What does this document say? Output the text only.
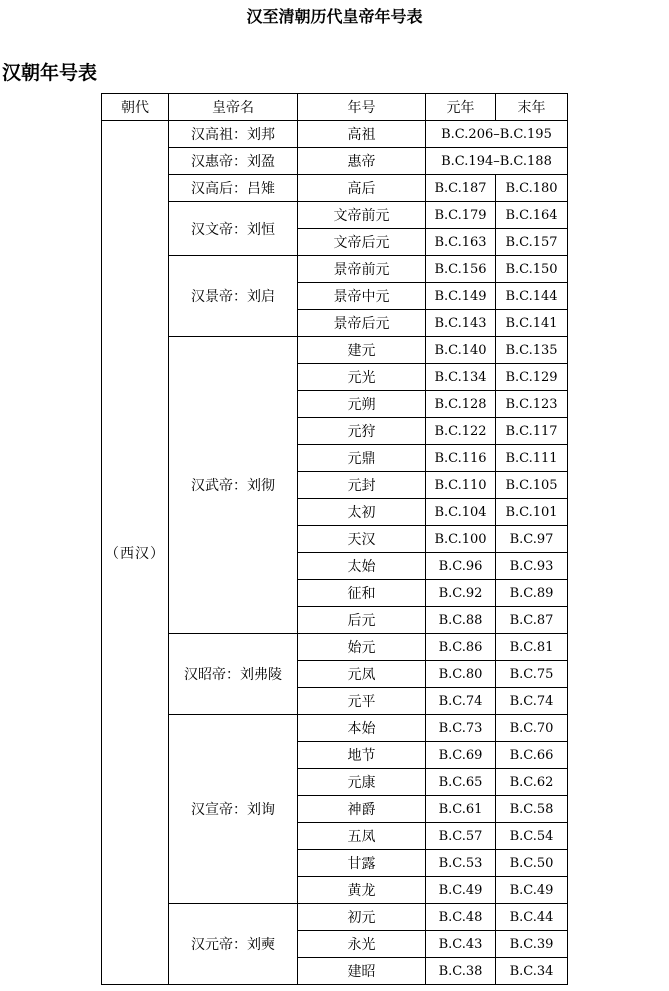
汉至清朝历代皇帝年号表
汉朝年号表
朝代	皇帝名	年号	元年	末年
（西汉）	汉高祖：刘邦	高祖	B.C.206–B.C.195	
	汉惠帝：刘盈	惠帝	B.C.194–B.C.188	
	汉高后：吕雉	高后	B.C.187	B.C.180
	汉文帝：刘恒	文帝前元	B.C.179	B.C.164
		文帝后元	B.C.163	B.C.157
	汉景帝：刘启	景帝前元	B.C.156	B.C.150
		景帝中元	B.C.149	B.C.144
		景帝后元	B.C.143	B.C.141
	汉武帝：刘彻	建元	B.C.140	B.C.135
		元光	B.C.134	B.C.129
		元朔	B.C.128	B.C.123
		元狩	B.C.122	B.C.117
		元鼎	B.C.116	B.C.111
		元封	B.C.110	B.C.105
		太初	B.C.104	B.C.101
		天汉	B.C.100	B.C.97
		太始	B.C.96	B.C.93
		征和	B.C.92	B.C.89
		后元	B.C.88	B.C.87
	汉昭帝：刘弗陵	始元	B.C.86	B.C.81
		元凤	B.C.80	B.C.75
		元平	B.C.74	B.C.74
	汉宣帝：刘询	本始	B.C.73	B.C.70
		地节	B.C.69	B.C.66
		元康	B.C.65	B.C.62
		神爵	B.C.61	B.C.58
		五凤	B.C.57	B.C.54
		甘露	B.C.53	B.C.50
		黄龙	B.C.49	B.C.49
	汉元帝：刘奭	初元	B.C.48	B.C.44
		永光	B.C.43	B.C.39
		建昭	B.C.38	B.C.34
